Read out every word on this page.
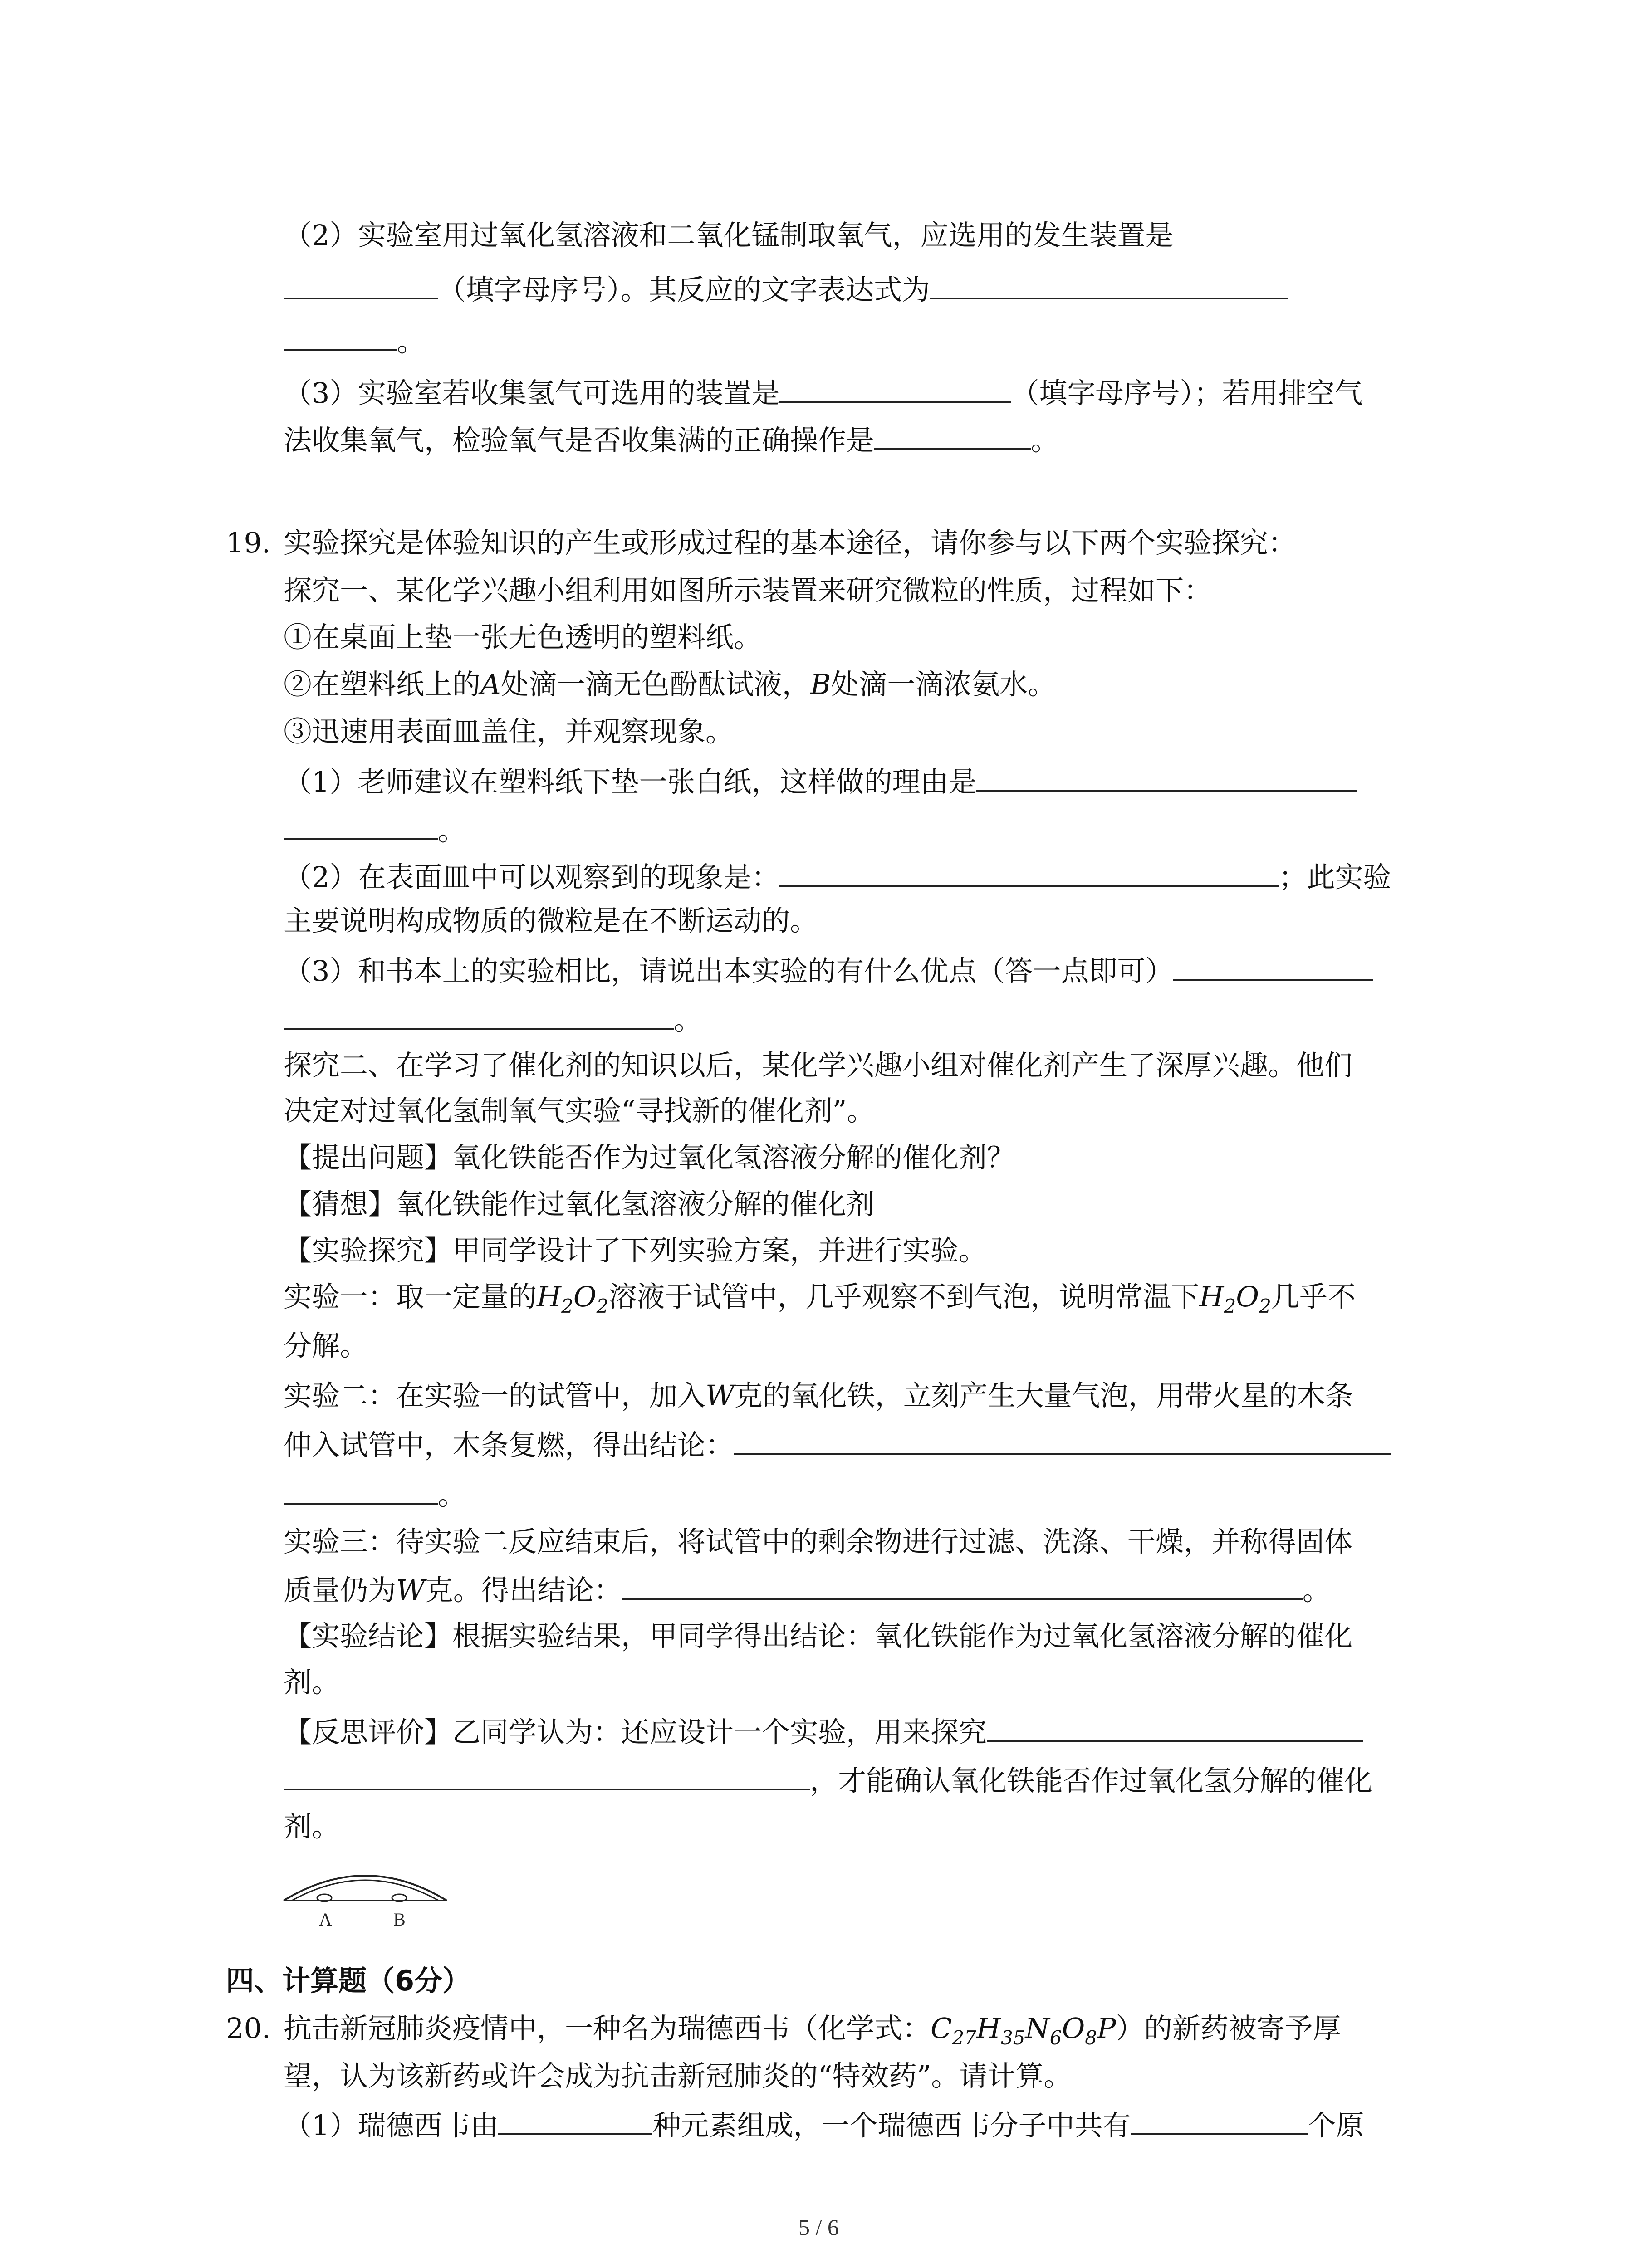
（2）实验室用过氧化氢溶液和二氧化锰制取氧气，应选用的发生装置是
（填字母序号）。其反应的文字表达式为
。
（3）实验室若收集氢气可选用的装置是	（填字母序号）；若用排空气
法收集氧气，检验氧气是否收集满的正确操作是	。
19. 实验探究是体验知识的产生或形成过程的基本途径，请你参与以下两个实验探究：
探究一、某化学兴趣小组利用如图所示装置来研究微粒的性质，过程如下：
①在桌面上垫一张无色透明的塑料纸。
②在塑料纸上的A处滴一滴无色酚酞试液，B处滴一滴浓氨水。
③迅速用表面皿盖住，并观察现象。
（1）老师建议在塑料纸下垫一张白纸，这样做的理由是
。
（2）在表面皿中可以观察到的现象是：	；此实验
主要说明构成物质的微粒是在不断运动的。
（3）和书本上的实验相比，请说出本实验的有什么优点（答一点即可）
。
探究二、在学习了催化剂的知识以后，某化学兴趣小组对催化剂产生了深厚兴趣。他们
决定对过氧化氢制氧气实验“寻找新的催化剂”。
【提出问题】氧化铁能否作为过氧化氢溶液分解的催化剂？
【猜想】氧化铁能作过氧化氢溶液分解的催化剂
【实验探究】甲同学设计了下列实验方案，并进行实验。
实验一：取一定量的$H_2O_2$溶液于试管中，几乎观察不到气泡，说明常温下$H_2O_2$几乎不
分解。
实验二：在实验一的试管中，加入W克的氧化铁，立刻产生大量气泡，用带火星的木条
伸入试管中，木条复燃，得出结论：
。
实验三：待实验二反应结束后，将试管中的剩余物进行过滤、洗涤、干燥，并称得固体
质量仍为W克。得出结论：	。
【实验结论】根据实验结果，甲同学得出结论：氧化铁能作为过氧化氢溶液分解的催化
剂。
【反思评价】乙同学认为：还应设计一个实验，用来探究
，才能确认氧化铁能否作过氧化氢分解的催化
剂。
A	B
四、计算题（6分）
20. 抗击新冠肺炎疫情中，一种名为瑞德西韦（化学式：$C_{27}H_{35}N_6O_8P$）的新药被寄予厚
望，认为该新药或许会成为抗击新冠肺炎的“特效药”。请计算。
（1）瑞德西韦由	种元素组成，一个瑞德西韦分子中共有	个原
5 / 6
